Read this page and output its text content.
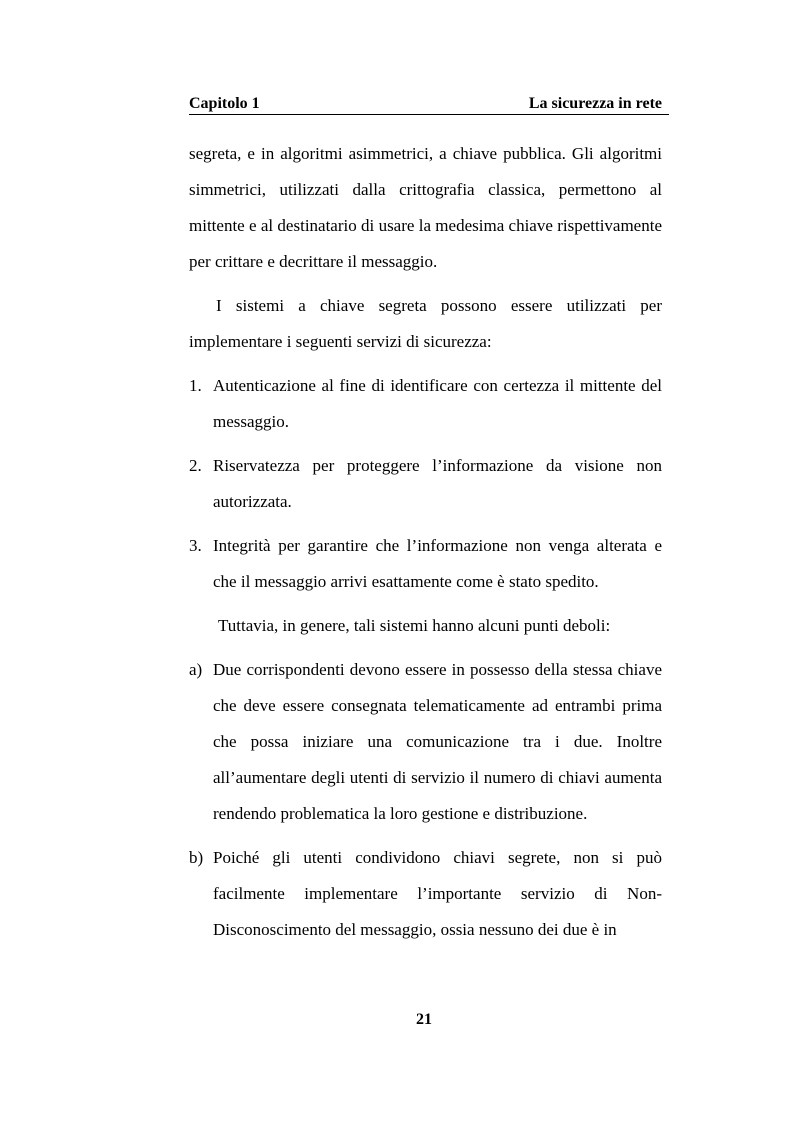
Capitolo 1	La sicurezza in rete

segreta, e in algoritmi asimmetrici, a chiave pubblica. Gli algoritmi simmetrici, utilizzati dalla crittografia classica, permettono al mittente e al destinatario di usare la medesima chiave rispettivamente per crittare e decrittare il messaggio.

I sistemi a chiave segreta possono essere utilizzati per implementare i seguenti servizi di sicurezza:

1. Autenticazione al fine di identificare con certezza il mittente del messaggio.
2. Riservatezza per proteggere l’informazione da visione non autorizzata.
3. Integrità per garantire che l’informazione non venga alterata e che il messaggio arrivi esattamente come è stato spedito.

Tuttavia, in genere, tali sistemi hanno alcuni punti deboli:

a) Due corrispondenti devono essere in possesso della stessa chiave che deve essere consegnata telematicamente ad entrambi prima che possa iniziare una comunicazione tra i due. Inoltre all’aumentare degli utenti di servizio il numero di chiavi aumenta rendendo problematica la loro gestione e distribuzione.
b) Poiché gli utenti condividono chiavi segrete, non si può facilmente implementare l’importante servizio di Non-Disconoscimento del messaggio, ossia nessuno dei due è in
21
